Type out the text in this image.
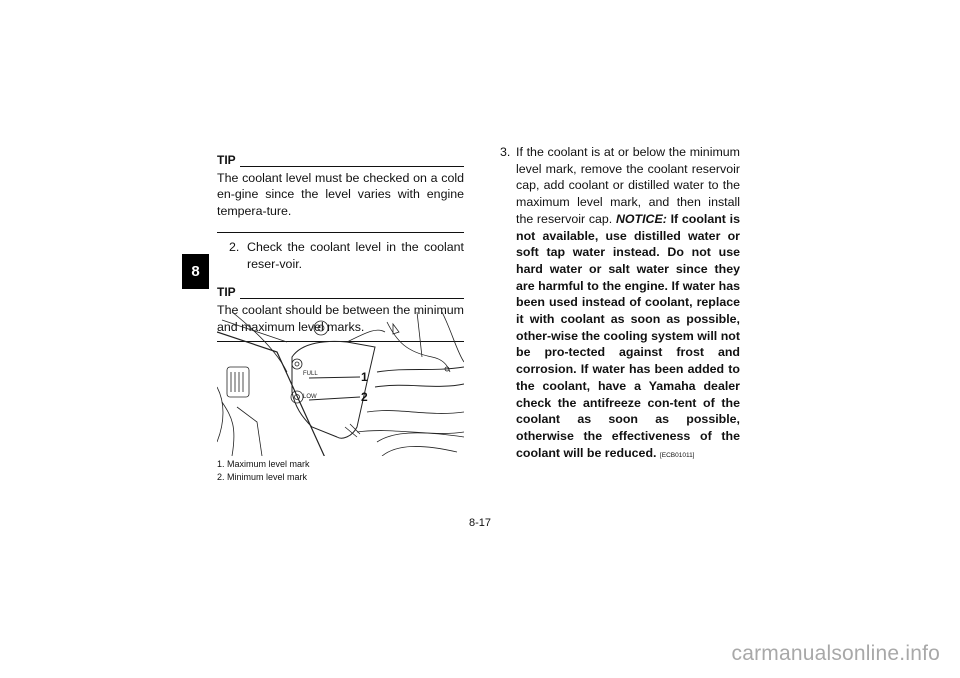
8
TIP
The coolant level must be checked on a cold en-gine since the level varies with engine tempera-ture.
2. Check the coolant level in the coolant reser-voir.
TIP
The coolant should be between the minimum and maximum level marks.
FULL
LOW
1
2
1. Maximum level mark
2. Minimum level mark
3. If the coolant is at or below the minimum level mark, remove the coolant reservoir cap, add coolant or distilled water to the maximum level mark, and then install the reservoir cap. NOTICE: If coolant is not available, use distilled water or soft tap water instead. Do not use hard water or salt water since they are harmful to the engine. If water has been used instead of coolant, replace it with coolant as soon as possible, other-wise the cooling system will not be pro-tected against frost and corrosion. If water has been added to the coolant, have a Yamaha dealer check the antifreeze con-tent of the coolant as soon as possible, otherwise the effectiveness of the coolant will be reduced. [ECB01011]
8-17
carmanualsonline.info
